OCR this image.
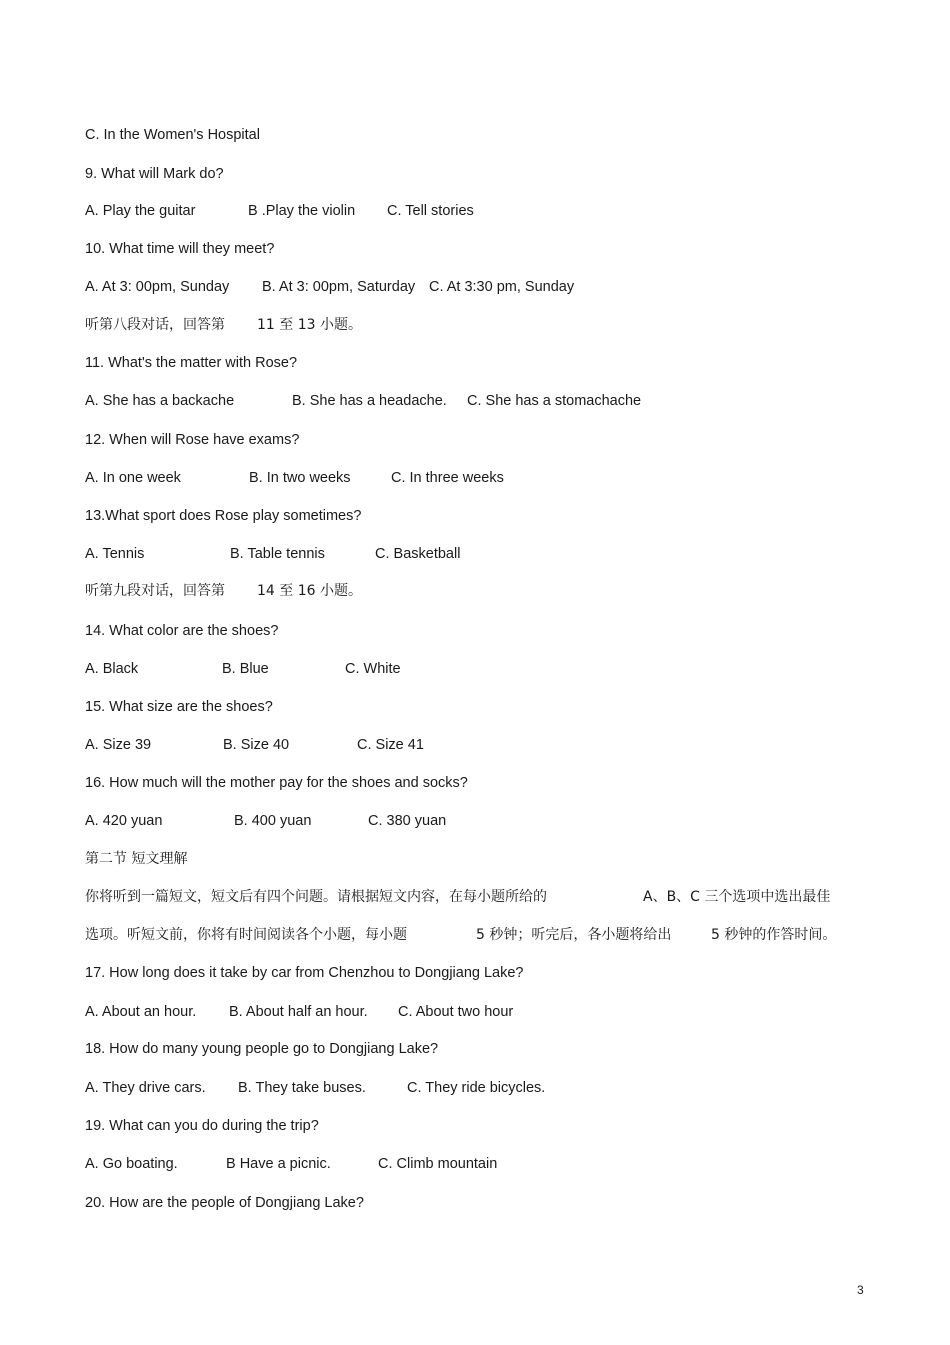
C. In the Women's Hospital
9. What will Mark do?
A. Play the guitar	B .Play the violin C. Tell stories
10. What time will they meet?
A. At 3: 00pm, Sunday B. At 3: 00pm, Saturday C. At 3:30 pm, Sunday
听第八段对话，回答第 11 至 13 小题。
11. What's the matter with Rose?
A. She has a backache	B. She has a headache. C. She has a stomachache
12. When will Rose have exams?
A. In one week	B. In two weeks	C. In three weeks
13.What sport does Rose play sometimes?
A. Tennis	B. Table tennis	C. Basketball
听第九段对话，回答第 14 至 16 小题。
14. What color are the shoes?
A. Black	B. Blue	C. White
15. What size are the shoes?
A. Size 39	B. Size 40	C. Size 41
16. How much will the mother pay for the shoes and socks?
A. 420 yuan	B. 400 yuan	C. 380 yuan
第二节 短文理解
你将听到一篇短文，短文后有四个问题。请根据短文内容，在每小题所给的	A、B、C 三个选项中选出最佳
选项。听短文前，你将有时间阅读各个小题，每小题	5 秒钟；听完后，各小题将给出	5 秒钟的作答时间。
17. How long does it take by car from Chenzhou to Dongjiang Lake?
A. About an hour. B. About half an hour. C. About two hour
18. How do many young people go to Dongjiang Lake?
A. They drive cars. B. They take buses.	C. They ride bicycles.
19. What can you do during the trip?
A. Go boating.	B Have a picnic.	C. Climb mountain
20. How are the people of Dongjiang Lake?
3
